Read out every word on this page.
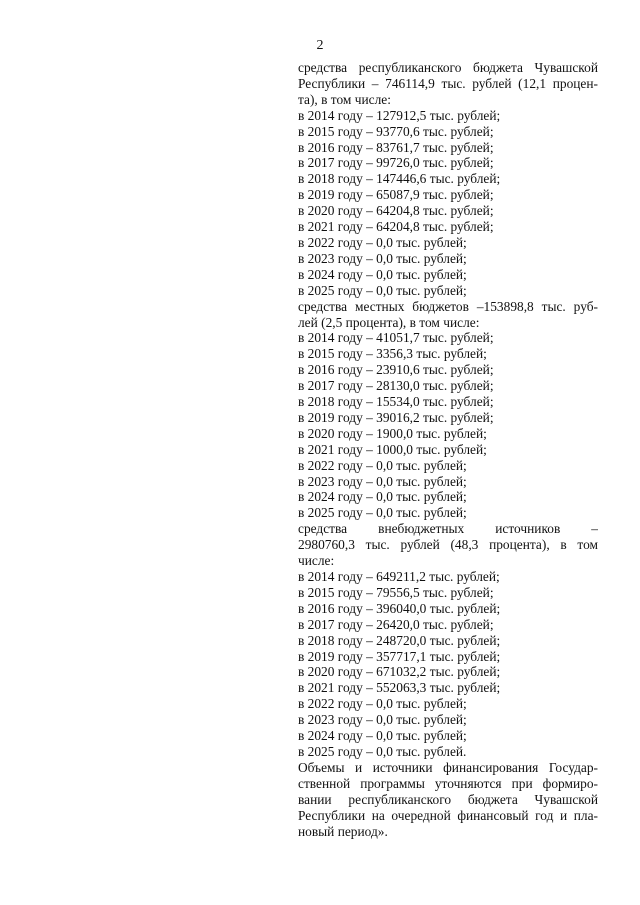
2
средства республиканского бюджета Чувашской
Республики – 746114,9 тыс. рублей (12,1 процен-
та), в том числе:
в 2014 году – 127912,5 тыс. рублей;
в 2015 году – 93770,6 тыс. рублей;
в 2016 году – 83761,7 тыс. рублей;
в 2017 году – 99726,0 тыс. рублей;
в 2018 году – 147446,6 тыс. рублей;
в 2019 году – 65087,9 тыс. рублей;
в 2020 году – 64204,8 тыс. рублей;
в 2021 году – 64204,8 тыс. рублей;
в 2022 году – 0,0 тыс. рублей;
в 2023 году – 0,0 тыс. рублей;
в 2024 году – 0,0 тыс. рублей;
в 2025 году – 0,0 тыс. рублей;
средства местных бюджетов –153898,8 тыс. руб-
лей (2,5 процента), в том числе:
в 2014 году – 41051,7 тыс. рублей;
в 2015 году – 3356,3 тыс. рублей;
в 2016 году – 23910,6 тыс. рублей;
в 2017 году – 28130,0 тыс. рублей;
в 2018 году – 15534,0 тыс. рублей;
в 2019 году – 39016,2 тыс. рублей;
в 2020 году – 1900,0 тыс. рублей;
в 2021 году – 1000,0 тыс. рублей;
в 2022 году – 0,0 тыс. рублей;
в 2023 году – 0,0 тыс. рублей;
в 2024 году – 0,0 тыс. рублей;
в 2025 году – 0,0 тыс. рублей;
средства внебюджетных источников –
2980760,3 тыс. рублей (48,3 процента), в том
числе:
в 2014 году – 649211,2 тыс. рублей;
в 2015 году – 79556,5 тыс. рублей;
в 2016 году – 396040,0 тыс. рублей;
в 2017 году – 26420,0 тыс. рублей;
в 2018 году – 248720,0 тыс. рублей;
в 2019 году – 357717,1 тыс. рублей;
в 2020 году – 671032,2 тыс. рублей;
в 2021 году – 552063,3 тыс. рублей;
в 2022 году – 0,0 тыс. рублей;
в 2023 году – 0,0 тыс. рублей;
в 2024 году – 0,0 тыс. рублей;
в 2025 году – 0,0 тыс. рублей.
Объемы и источники финансирования Государ-
ственной программы уточняются при формиро-
вании республиканского бюджета Чувашской
Республики на очередной финансовый год и пла-
новый период».
